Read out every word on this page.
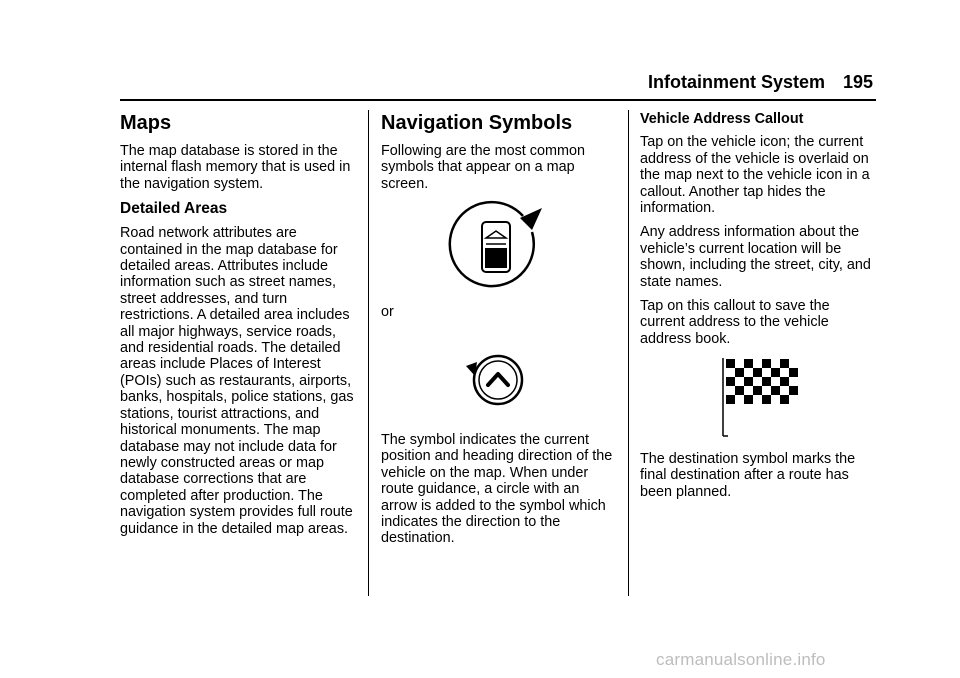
Infotainment System 195
Maps

The map database is stored in the internal flash memory that is used in the navigation system.

Detailed Areas

Road network attributes are contained in the map database for detailed areas. Attributes include information such as street names, street addresses, and turn restrictions. A detailed area includes all major highways, service roads, and residential roads. The detailed areas include Places of Interest (POIs) such as restaurants, airports, banks, hospitals, police stations, gas stations, tourist attractions, and historical monuments. The map database may not include data for newly constructed areas or map database corrections that are completed after production. The navigation system provides full route guidance in the detailed map areas.

Navigation Symbols

Following are the most common symbols that appear on a map screen.

or

The symbol indicates the current position and heading direction of the vehicle on the map. When under route guidance, a circle with an arrow is added to the symbol which indicates the direction to the destination.

Vehicle Address Callout

Tap on the vehicle icon; the current address of the vehicle is overlaid on the map next to the vehicle icon in a callout. Another tap hides the information.

Any address information about the vehicle’s current location will be shown, including the street, city, and state names.

Tap on this callout to save the current address to the vehicle address book.

The destination symbol marks the final destination after a route has been planned.

carmanualsonline.info
